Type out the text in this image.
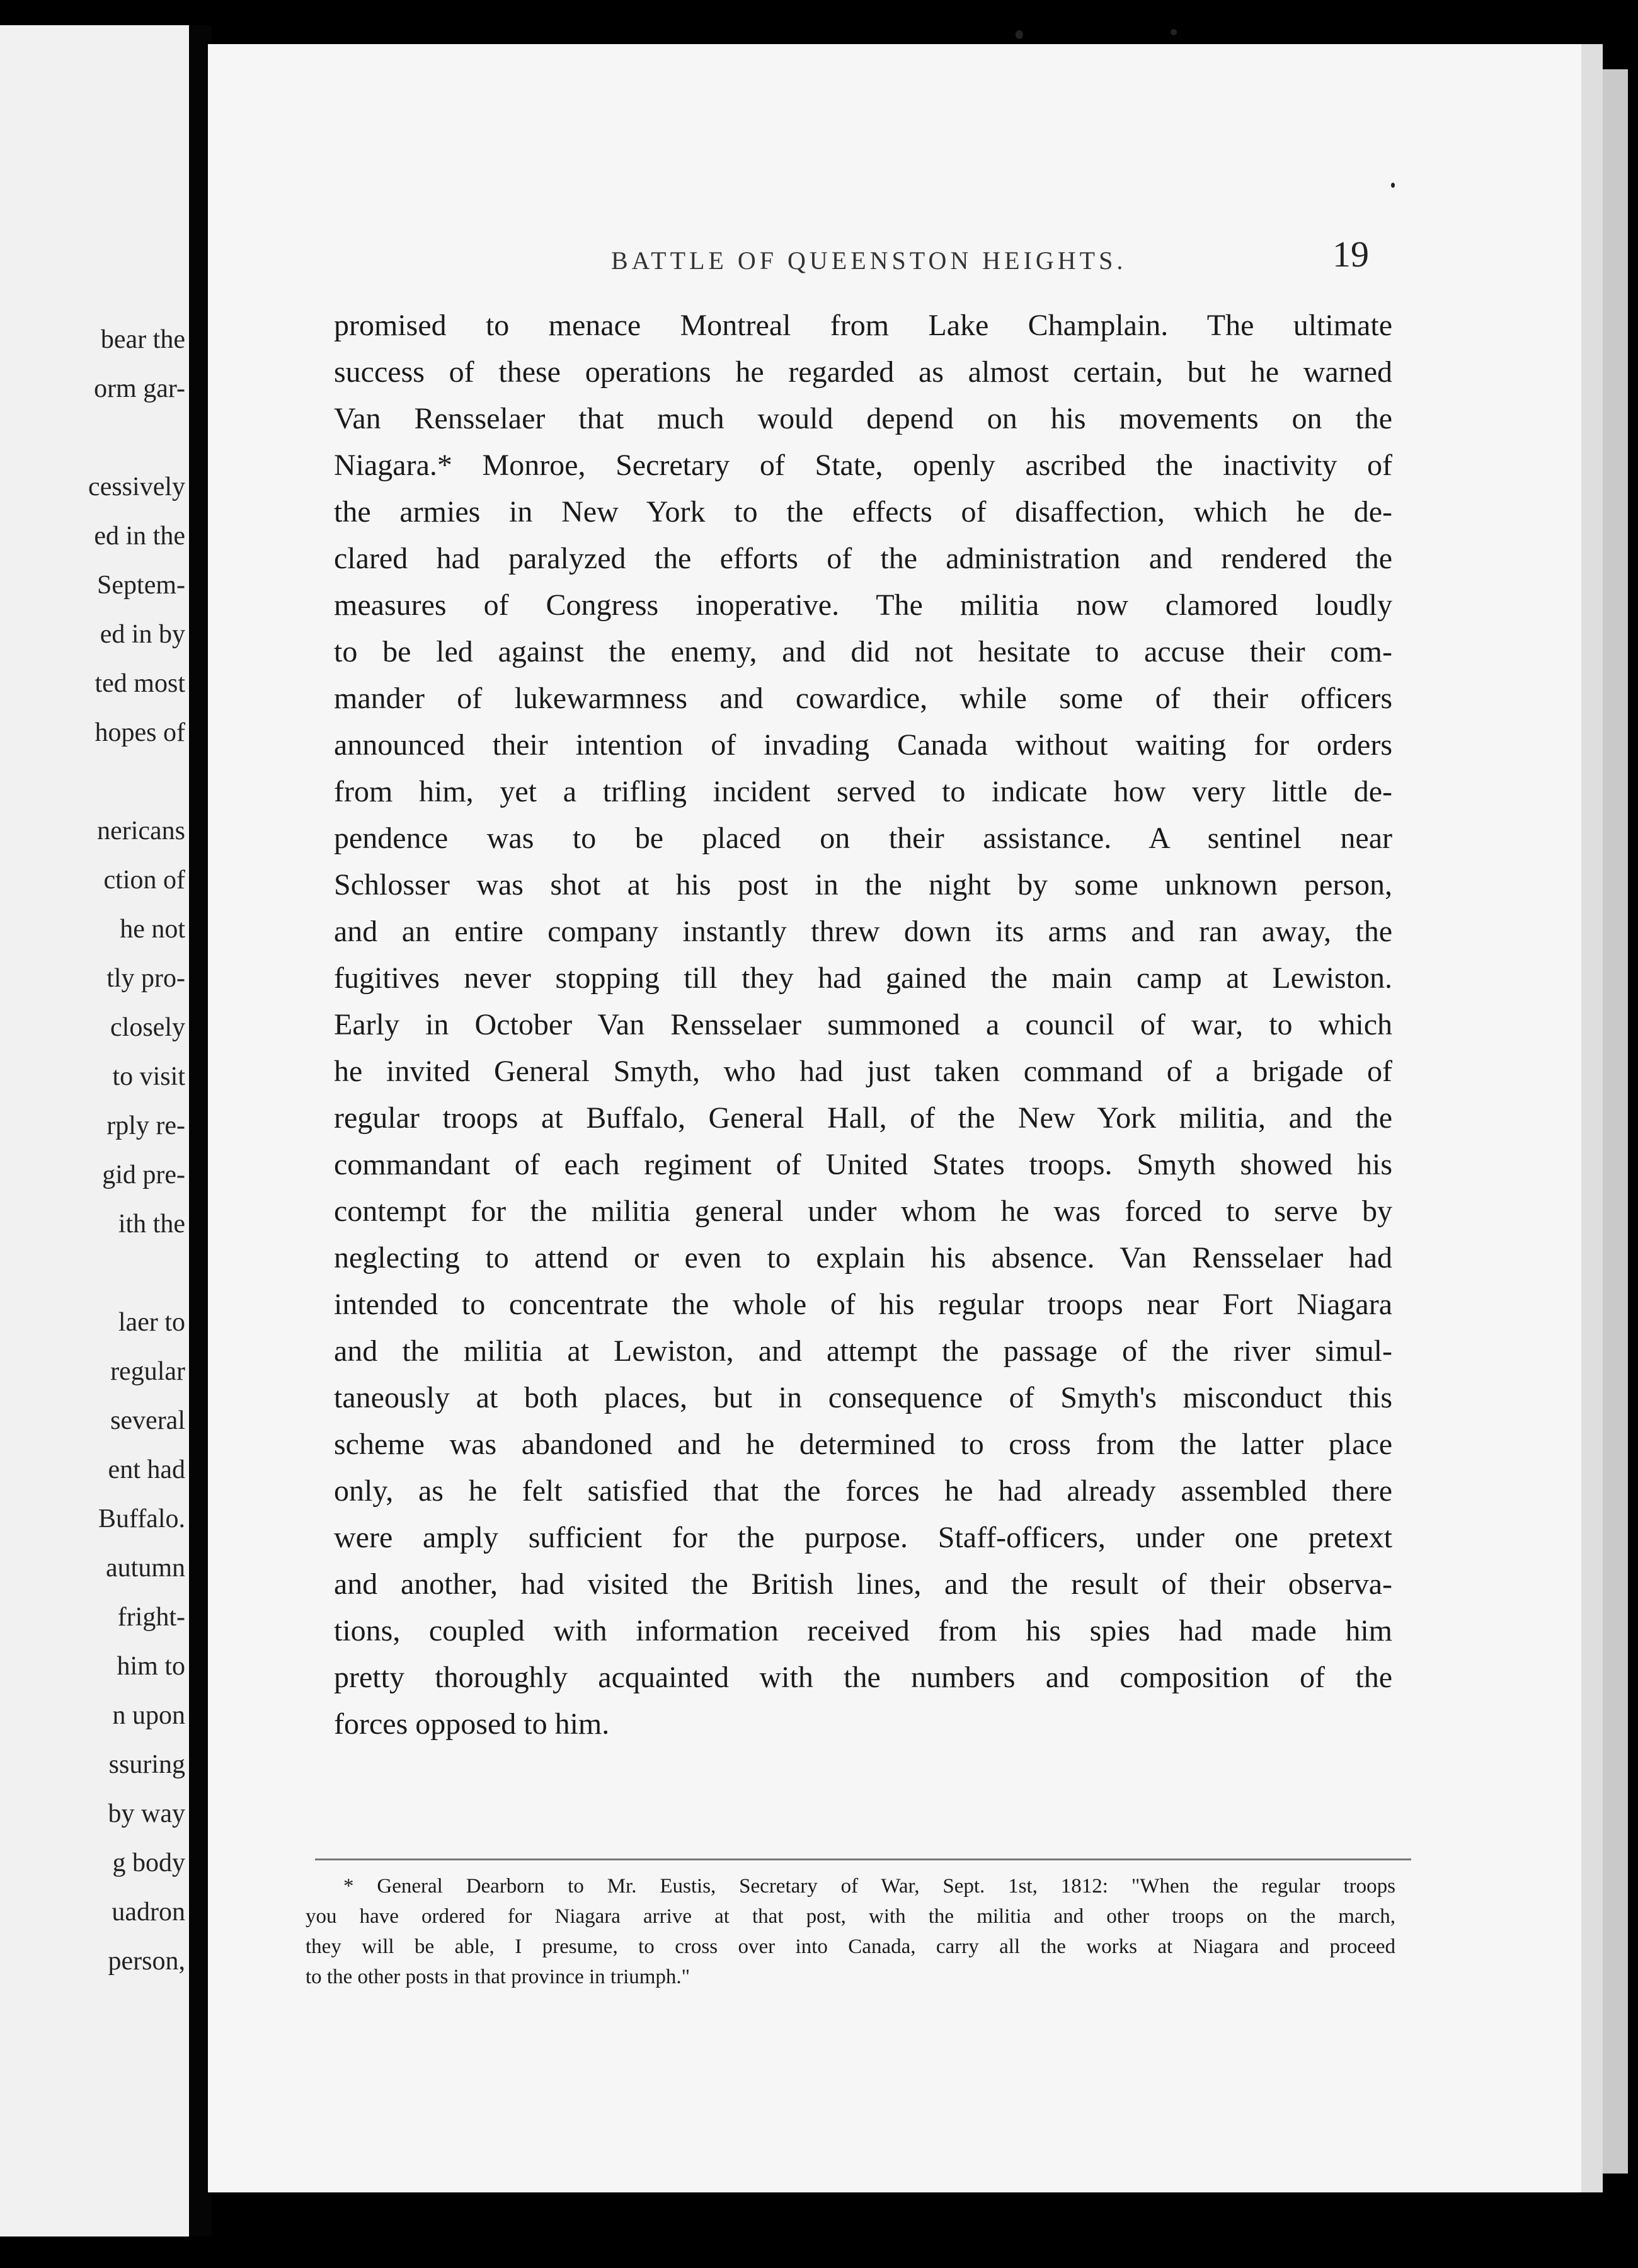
bear the
orm gar-
cessively
ed in the
Septem-
ed in by
ted most
hopes of
nericans
ction of
he not
tly pro-
closely
to visit
rply re-
gid pre-
ith the
laer to
regular
several
ent had
Buffalo.
autumn
fright-
him to
n upon
ssuring
by way
g body
uadron
person,
BATTLE OF QUEENSTON HEIGHTS.	19
promised to menace Montreal from Lake Champlain. The ultimate
success of these operations he regarded as almost certain, but he warned
Van Rensselaer that much would depend on his movements on the
Niagara.* Monroe, Secretary of State, openly ascribed the inactivity of
the armies in New York to the effects of disaffection, which he de-
clared had paralyzed the efforts of the administration and rendered the
measures of Congress inoperative. The militia now clamored loudly
to be led against the enemy, and did not hesitate to accuse their com-
mander of lukewarmness and cowardice, while some of their officers
announced their intention of invading Canada without waiting for orders
from him, yet a trifling incident served to indicate how very little de-
pendence was to be placed on their assistance. A sentinel near
Schlosser was shot at his post in the night by some unknown person,
and an entire company instantly threw down its arms and ran away, the
fugitives never stopping till they had gained the main camp at Lewiston.
Early in October Van Rensselaer summoned a council of war, to which
he invited General Smyth, who had just taken command of a brigade of
regular troops at Buffalo, General Hall, of the New York militia, and the
commandant of each regiment of United States troops. Smyth showed his
contempt for the militia general under whom he was forced to serve by
neglecting to attend or even to explain his absence. Van Rensselaer had
intended to concentrate the whole of his regular troops near Fort Niagara
and the militia at Lewiston, and attempt the passage of the river simul-
taneously at both places, but in consequence of Smyth's misconduct this
scheme was abandoned and he determined to cross from the latter place
only, as he felt satisfied that the forces he had already assembled there
were amply sufficient for the purpose. Staff-officers, under one pretext
and another, had visited the British lines, and the result of their observa-
tions, coupled with information received from his spies had made him
pretty thoroughly acquainted with the numbers and composition of the
forces opposed to him.
* General Dearborn to Mr. Eustis, Secretary of War, Sept. 1st, 1812: "When the regular troops
you have ordered for Niagara arrive at that post, with the militia and other troops on the march,
they will be able, I presume, to cross over into Canada, carry all the works at Niagara and proceed
to the other posts in that province in triumph."
